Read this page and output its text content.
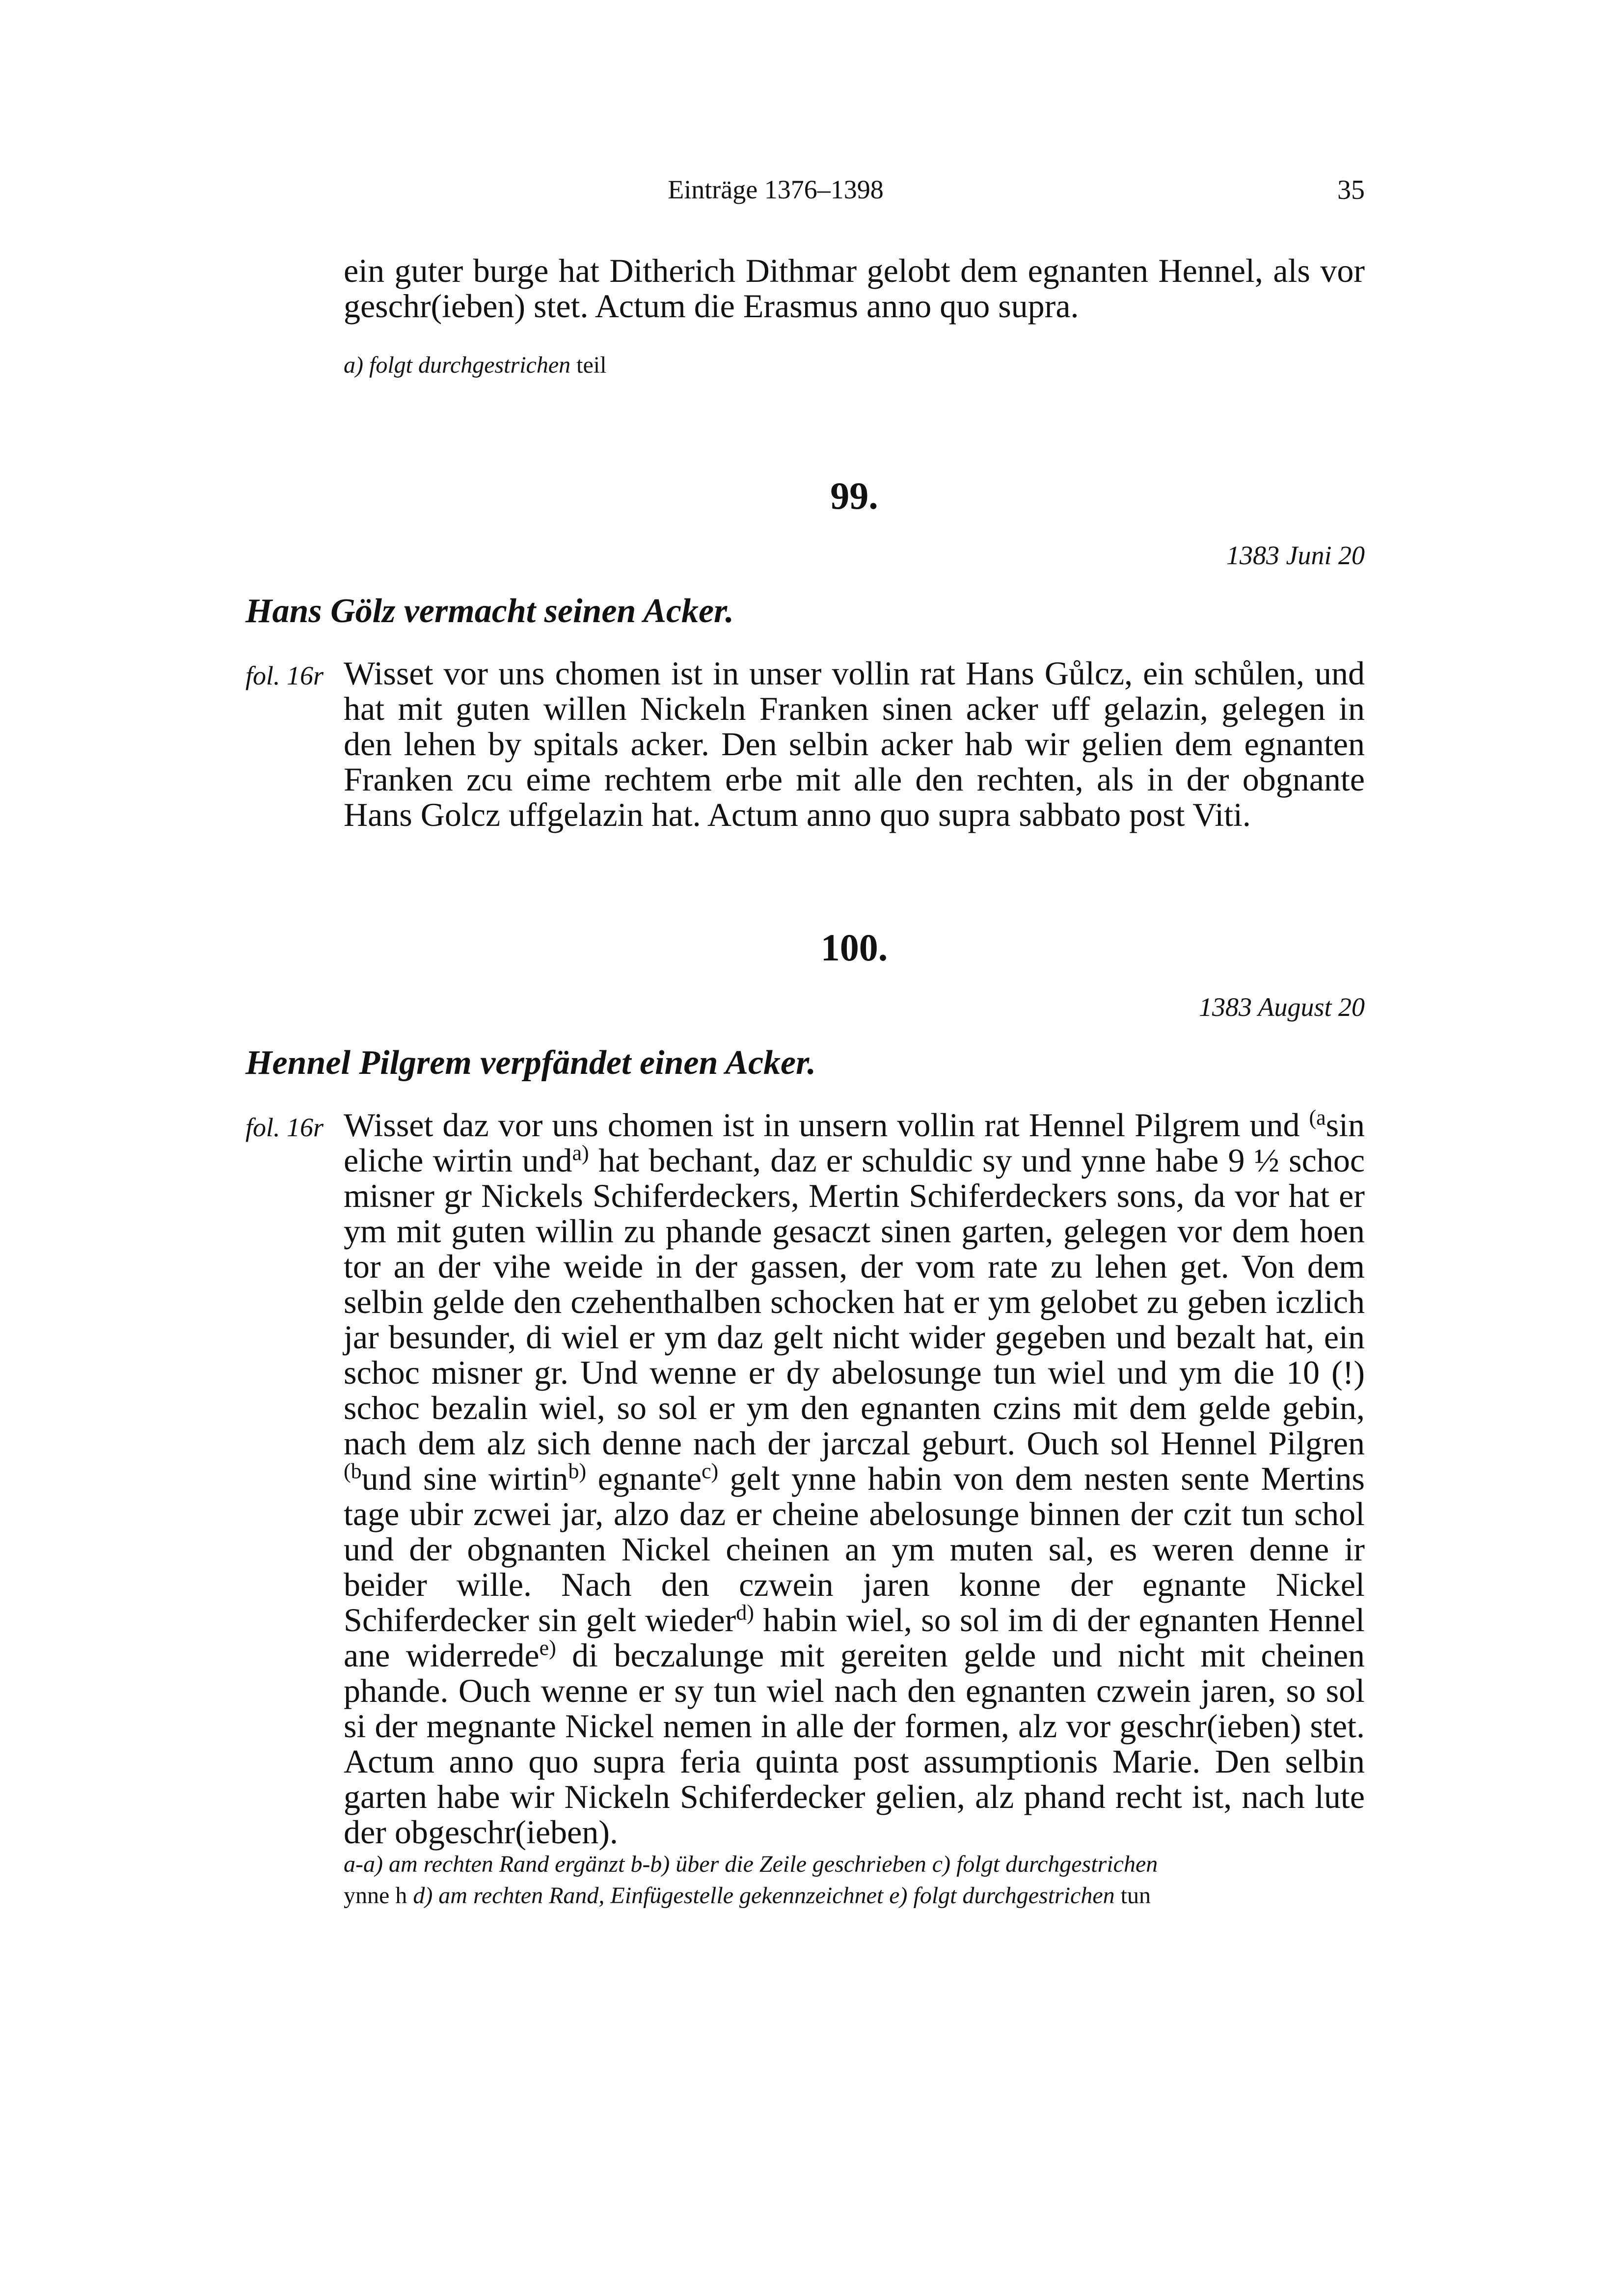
Einträge 1376–1398	35

ein guter burge hat Ditherich Dithmar gelobt dem egnanten Hennel, als vor geschr(ieben) stet. Actum die Erasmus anno quo supra.

a) folgt durchgestrichen teil
99.
1383 Juni 20
Hans Gölz vermacht seinen Acker.
fol. 16r Wisset vor uns chomen ist in unser vollin rat Hans Gůlcz, ein schůlen, und hat mit guten willen Nickeln Franken sinen acker uff gelazin, gelegen in den lehen by spitals acker. Den selbin acker hab wir gelien dem egnanten Franken zcu eime rechtem erbe mit alle den rechten, als in der obgnante Hans Golcz uffgelazin hat. Actum anno quo supra sabbato post Viti.

100.
1383 August 20
Hennel Pilgrem verpfändet einen Acker.
fol. 16r Wisset daz vor uns chomen ist in unsern vollin rat Hennel Pilgrem und $^{(a}$sin eliche wirtin und$^{a)}$ hat bechant, daz er schuldic sy und ynne habe 9 ½ schoc misner gr Nickels Schiferdeckers, Mertin Schiferdeckers sons, da vor hat er ym mit guten willin zu phande gesaczt sinen garten, gelegen vor dem hoen tor an der vihe weide in der gassen, der vom rate zu lehen get. Von dem selbin gelde den czehenthalben schocken hat er ym gelobet zu geben iczlich jar besunder, di wiel er ym daz gelt nicht wider gegeben und bezalt hat, ein schoc misner gr. Und wenne er dy abelosunge tun wiel und ym die 10 (!) schoc bezalin wiel, so sol er ym den egnanten czins mit dem gelde gebin, nach dem alz sich denne nach der jarczal geburt. Ouch sol Hennel Pilgren $^{(b}$und sine wirtin$^{b)}$ egnante$^{c)}$ gelt ynne habin von dem nesten sente Mertins tage ubir zcwei jar, alzo daz er cheine abelosunge binnen der czit tun schol und der obgnanten Nickel cheinen an ym muten sal, es weren denne ir beider wille. Nach den czwein jaren konne der egnante Nickel Schiferdecker sin gelt wieder$^{d)}$ habin wiel, so sol im di der egnanten Hennel ane widerrede$^{e)}$ di beczalunge mit gereiten gelde und nicht mit cheinen phande. Ouch wenne er sy tun wiel nach den egnanten czwein jaren, so sol si der megnante Nickel nemen in alle der formen, alz vor geschr(ieben) stet. Actum anno quo supra feria quinta post assumptionis Marie. Den selbin garten habe wir Nickeln Schiferdecker gelien, alz phand recht ist, nach lute der obgeschr(ieben).

a-a) am rechten Rand ergänzt b-b) über die Zeile geschrieben c) folgt durchgestrichen
ynne h d) am rechten Rand, Einfügestelle gekennzeichnet e) folgt durchgestrichen tun
